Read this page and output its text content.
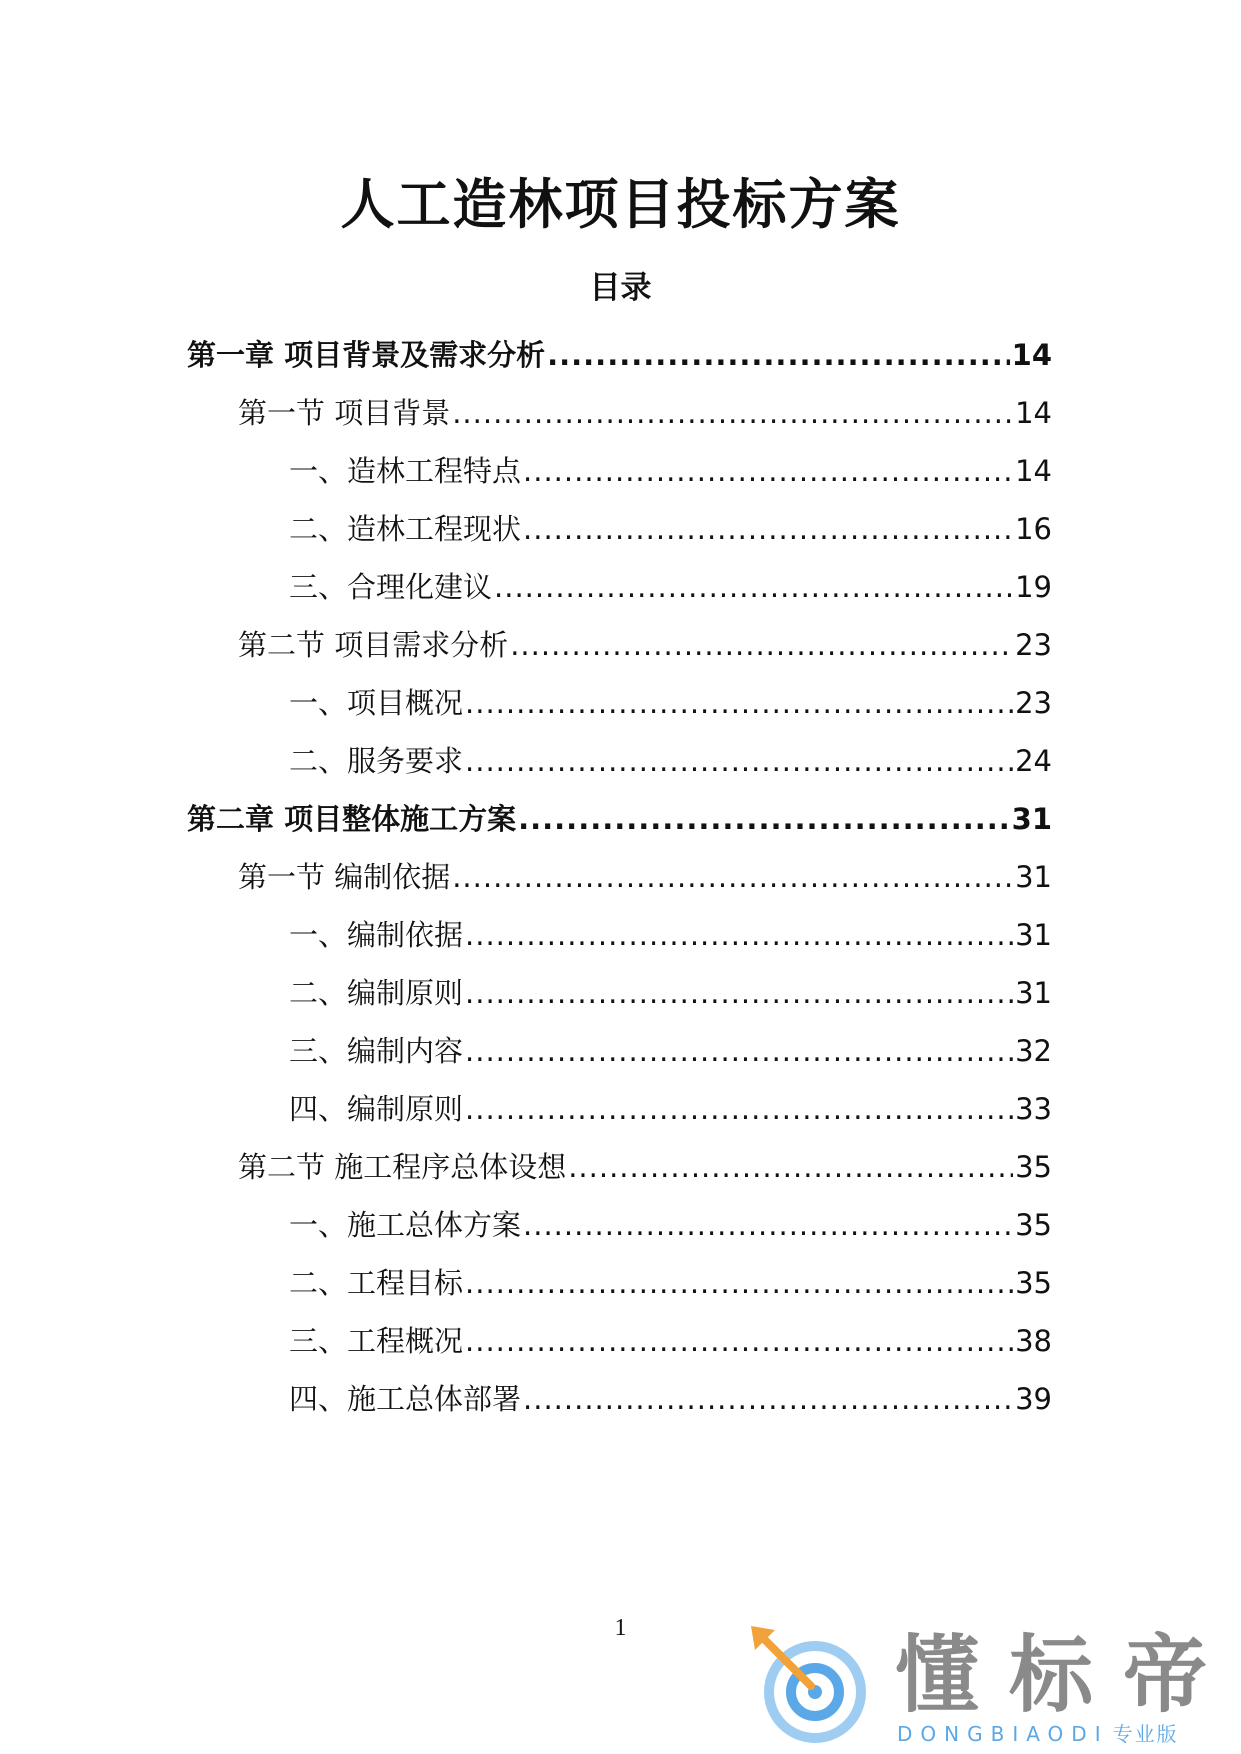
人工造林项目投标方案
目录
第一章 项目背景及需求分析 .....	14
第一节 项目背景 .....	14
一、造林工程特点 .....	14
二、造林工程现状 .....	16
三、合理化建议 .....	19
第二节 项目需求分析 .....	23
一、项目概况 .....	23
二、服务要求 .....	24
第二章 项目整体施工方案 .....	31
第一节 编制依据 .....	31
一、编制依据 .....	31
二、编制原则 .....	31
三、编制内容 .....	32
四、编制原则 .....	33
第二节 施工程序总体设想 .....	35
一、施工总体方案 .....	35
二、工程目标 .....	35
三、工程概况 .....	38
四、施工总体部署 .....	39
1	懂标帝
DONGBIAODI 专业版
